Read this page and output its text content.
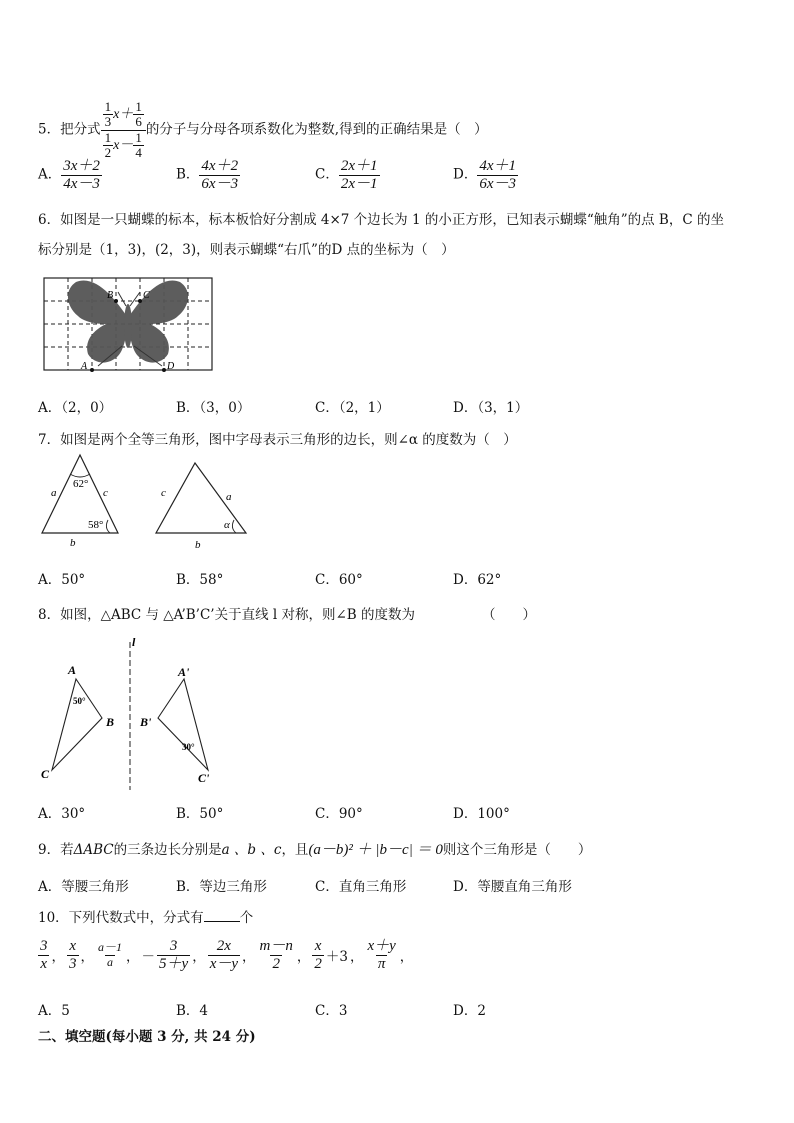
5．把分式 $\frac{\frac{1}{3} x+ \frac{1}{6}}{\frac{1}{2} x- \frac{1}{4}}$ 的分子与分母各项系数化为整数,得到的正确结果是（　）
A． $\frac{3x+2}{4x-3}$	B． $\frac{4x+2}{6x-3}$	C． $\frac{2x+1}{2x-1}$	D． $\frac{4x+1}{6x-3}$
6．如图是一只蝴蝶的标本，标本板恰好分割成 4×7 个边长为 1 的小正方形，已知表示蝴蝶“触角”的点 B，C 的坐
标分别是（1，3)，(2，3)，则表示蝴蝶“右爪”的D 点的坐标为（　）
B	C
A	D
A．（2，0）	B．（3，0）	C．（2，1）	D．（3，1）
7．如图是两个全等三角形，图中字母表示三角形的边长，则∠α 的度数为（　）
62°
58°
a	c
b
c	a
b
α
A．50°	B．58°	C．60°	D．62°
8．如图，△ABC 与 △A’B’C’关于直线 l 对称，则∠B 的度数为	（　　）
l
A
B
C
50°
A'
B'
C'
30°
A．30°	B．50°	C．90°	D．100°
9．若ΔABC的三条边长分别是a 、b 、c，且(a－b)² ＋ |b－c| ＝ 0则这个三角形是（　　）
A．等腰三角形	B．等边三角形	C．直角三角形	D．等腰直角三角形
10．下列代数式中，分式有	个
$\frac{3}{x}$ ， $\frac{x}{3}$ ， $\frac{a-1}{a}$ ， － $\frac{3}{5+y}$ ， $\frac{2x}{x-y}$ ， $\frac{m-n}{2}$ ， $\frac{x}{2} +3$ ， $\frac{x+y}{\pi}$ ，
A．5	B．4	C．3	D．2
二、填空题(每小题 3 分, 共 24 分)
